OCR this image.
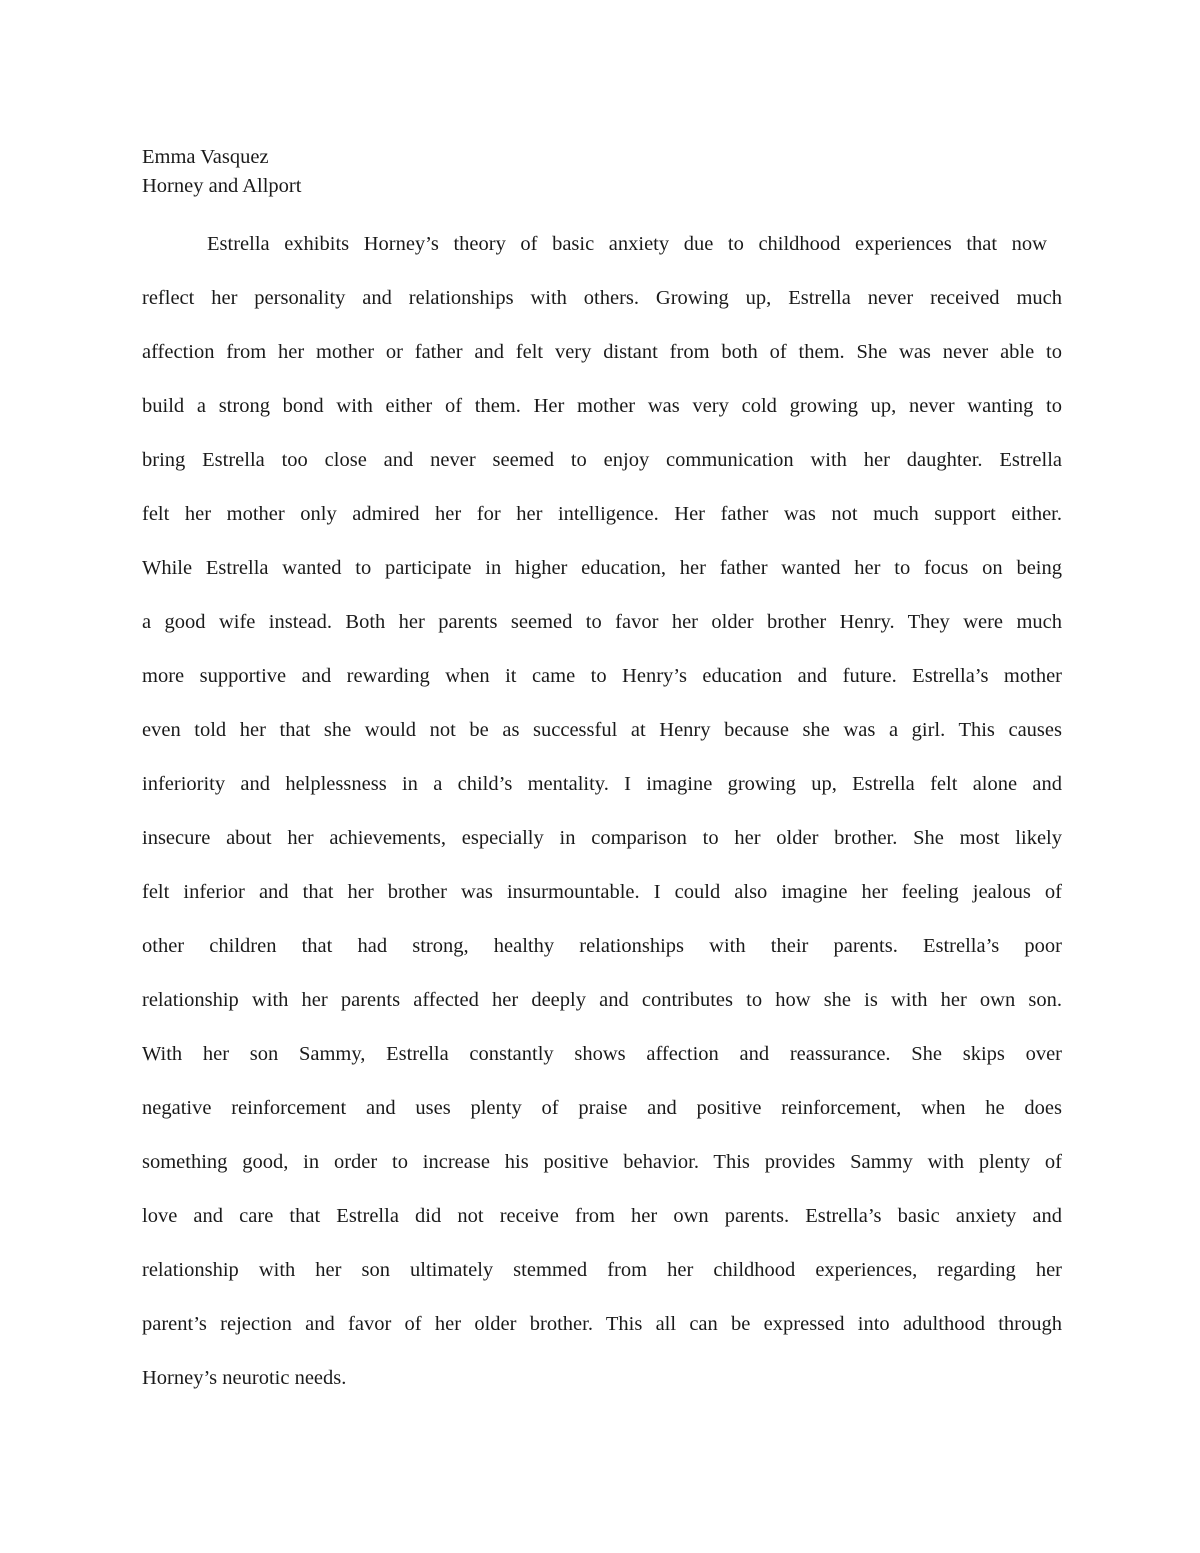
Emma Vasquez
Horney and Allport
Estrella exhibits Horney’s theory of basic anxiety due to childhood experiences that now
reflect her personality and relationships with others. Growing up, Estrella never received much
affection from her mother or father and felt very distant from both of them. She was never able to
build a strong bond with either of them. Her mother was very cold growing up, never wanting to
bring Estrella too close and never seemed to enjoy communication with her daughter. Estrella
felt her mother only admired her for her intelligence. Her father was not much support either.
While Estrella wanted to participate in higher education, her father wanted her to focus on being
a good wife instead. Both her parents seemed to favor her older brother Henry. They were much
more supportive and rewarding when it came to Henry’s education and future. Estrella’s mother
even told her that she would not be as successful at Henry because she was a girl. This causes
inferiority and helplessness in a child’s mentality. I imagine growing up, Estrella felt alone and
insecure about her achievements, especially in comparison to her older brother. She most likely
felt inferior and that her brother was insurmountable. I could also imagine her feeling jealous of
other children that had strong, healthy relationships with their parents. Estrella’s poor
relationship with her parents affected her deeply and contributes to how she is with her own son.
With her son Sammy, Estrella constantly shows affection and reassurance. She skips over
negative reinforcement and uses plenty of praise and positive reinforcement, when he does
something good, in order to increase his positive behavior. This provides Sammy with plenty of
love and care that Estrella did not receive from her own parents. Estrella’s basic anxiety and
relationship with her son ultimately stemmed from her childhood experiences, regarding her
parent’s rejection and favor of her older brother. This all can be expressed into adulthood through
Horney’s neurotic needs.
